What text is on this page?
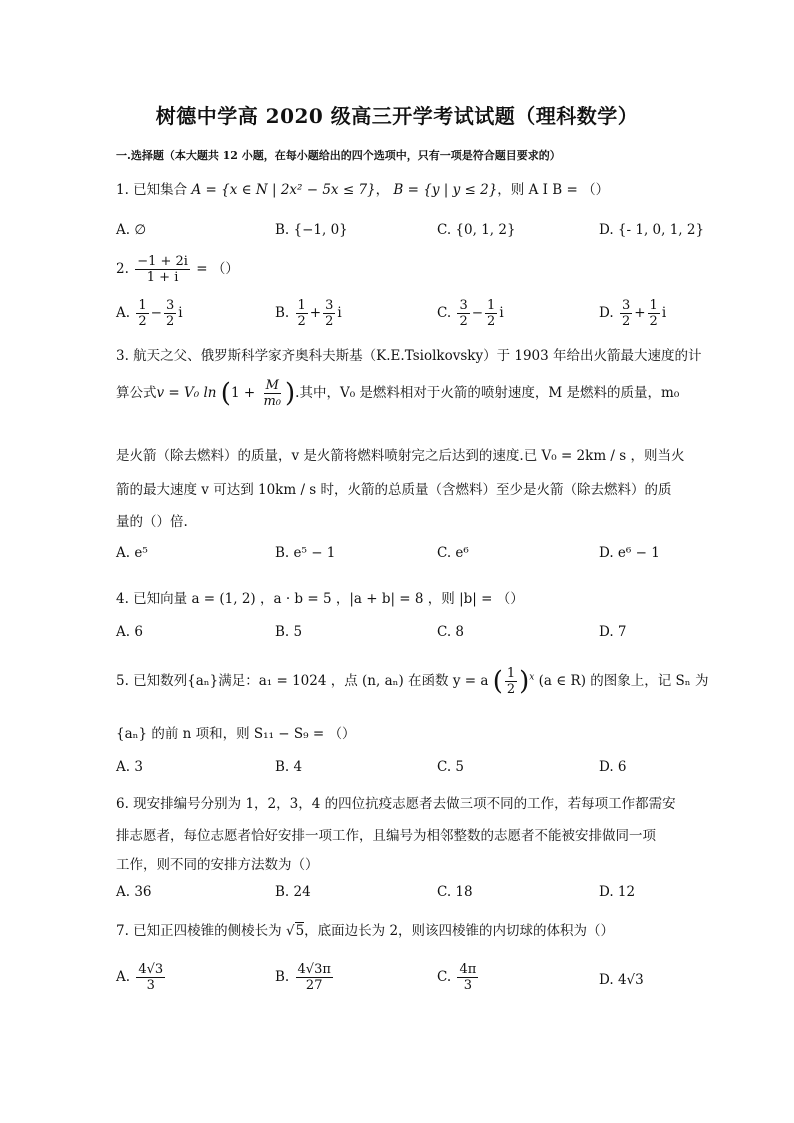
树德中学高 2020 级高三开学考试试题（理科数学）
一.选择题（本大题共 12 小题，在每小题给出的四个选项中，只有一项是符合题目要求的）
1. 已知集合 A = {x ∈ N | 2x² − 5x ≤ 7}， B = {y | y ≤ 2}，则 A I B = （）
A. ∅	B. {−1, 0}	C. {0, 1, 2}	D. {- 1, 0, 1, 2}
2. $\frac{-1 + 2i}{1 + i}$ = （）
A. $\frac{1}{2} - \frac{3}{2}$ i	B. $\frac{1}{2} + \frac{3}{2}$ i	C. $\frac{3}{2} - \frac{1}{2}$ i	D. $\frac{3}{2} + \frac{1}{2}$ i
3. 航天之父、俄罗斯科学家齐奥科夫斯基（K.E.Tsiolkovsky）于 1903 年给出火箭最大速度的计
算公式v = V₀ $\ln (1 + \frac{M}{\text{m₀}}$ ).其中，V₀ 是燃料相对于火箭的喷射速度，M 是燃料的质量，m₀
是火箭（除去燃料）的质量，v 是火箭将燃料喷射完之后达到的速度.已 V₀ = 2km / s ，则当火
箭的最大速度 v 可达到 10km / s 时，火箭的总质量（含燃料）至少是火箭（除去燃料）的质
量的（）倍.
A. e⁵	B. e⁵ − 1	C. e⁶	D. e⁶ − 1
4. 已知向量 a = (1, 2) ，a · b = 5 ，|a + b| = 8 ，则 |b| = （）
A. 6	B. 5	C. 8	D. 7
5. 已知数列{aₙ}满足：a₁ = 1024 ，点 (n, aₙ) 在函数 y = a ( $\frac{1}{2} )^x$ (a ∈ R) 的图象上，记 Sₙ 为
{aₙ} 的前 n 项和，则 S₁₁ − S₉ = （）
A. 3	B. 4	C. 5	D. 6
6. 现安排编号分别为 1，2，3，4 的四位抗疫志愿者去做三项不同的工作，若每项工作都需安
排志愿者，每位志愿者恰好安排一项工作，且编号为相邻整数的志愿者不能被安排做同一项
工作，则不同的安排方法数为（）
A. 36	B. 24	C. 18	D. 12
7. 已知正四棱锥的侧棱长为 √5，底面边长为 2，则该四棱锥的内切球的体积为（）
A. $\frac{4√3}{3}$	B. $\frac{4√3\pi}{27}$	C. $\frac{4\pi}{3}$	D. 4√3
